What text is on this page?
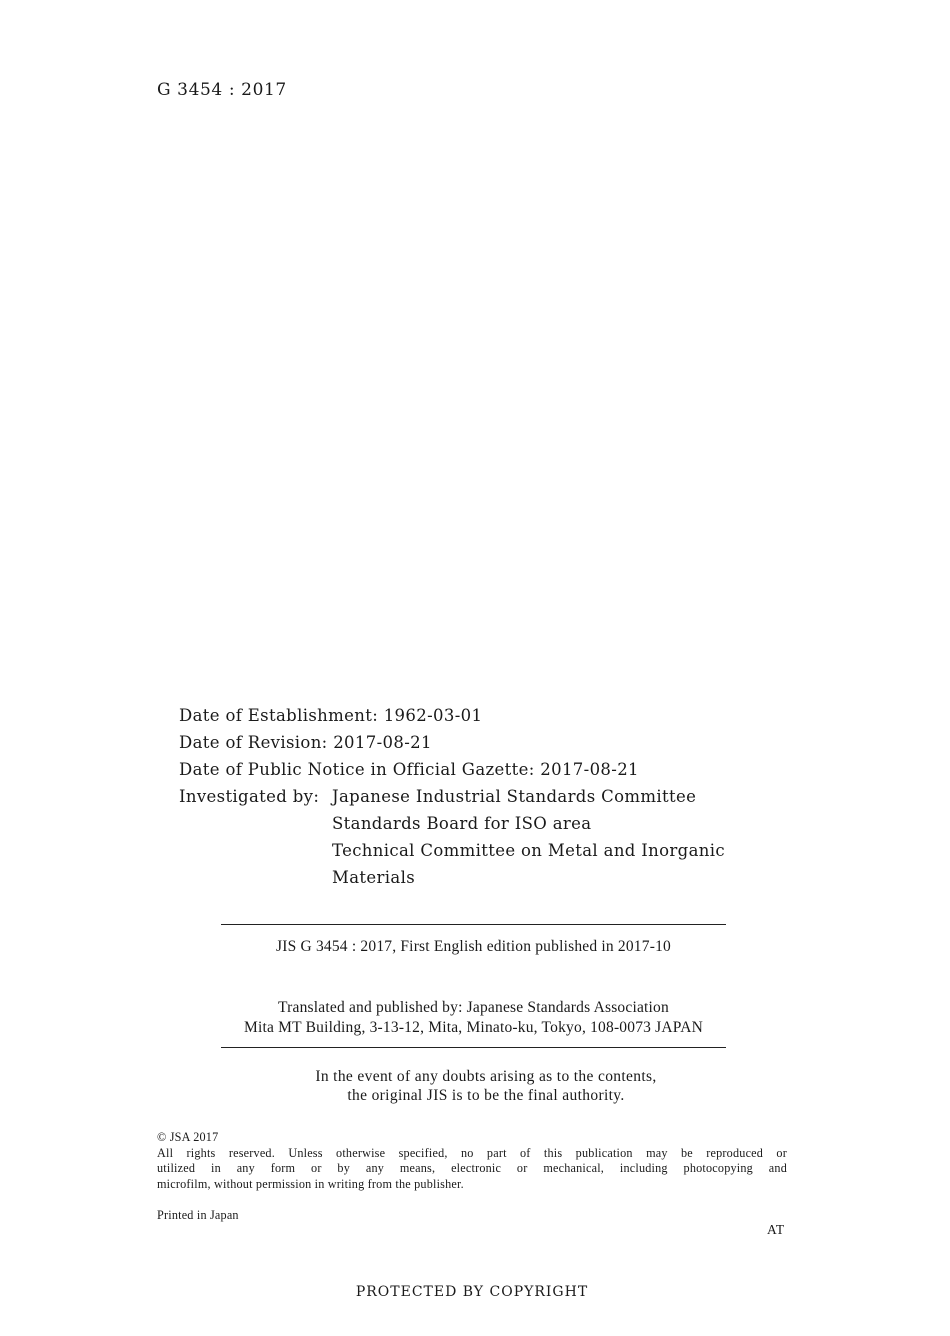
G 3454 : 2017
Date of Establishment: 1962-03-01
Date of Revision: 2017-08-21
Date of Public Notice in Official Gazette: 2017-08-21
Investigated by: Japanese Industrial Standards Committee
Standards Board for ISO area
Technical Committee on Metal and Inorganic
Materials
JIS G 3454 : 2017, First English edition published in 2017-10
Translated and published by: Japanese Standards Association
Mita MT Building, 3-13-12, Mita, Minato-ku, Tokyo, 108-0073 JAPAN
In the event of any doubts arising as to the contents,
the original JIS is to be the final authority.
© JSA 2017
All rights reserved. Unless otherwise specified, no part of this publication may be reproduced or
utilized in any form or by any means, electronic or mechanical, including photocopying and
microfilm, without permission in writing from the publisher.
Printed in Japan
AT
PROTECTED BY COPYRIGHT
